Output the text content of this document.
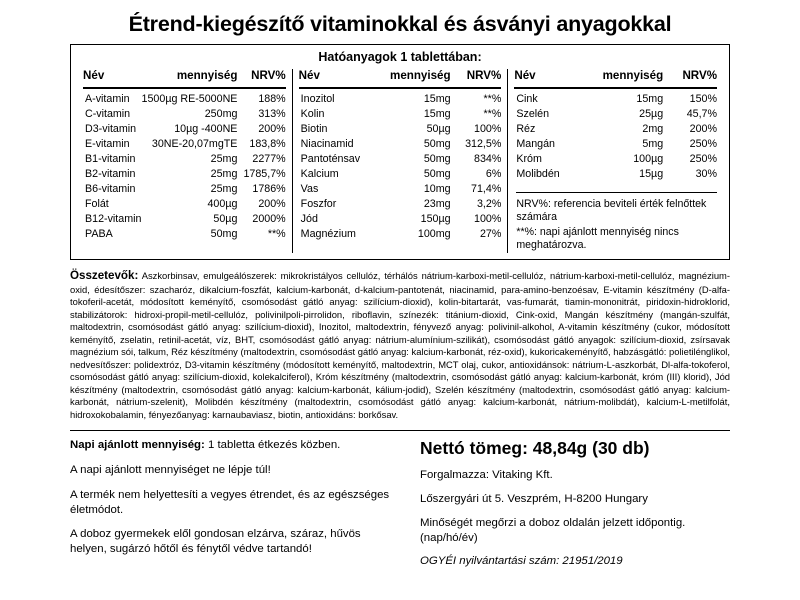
Étrend-kiegészítő vitaminokkal és ásványi anyagokkal
Hatóanyagok 1 tablettában:
Név	mennyiség	NRV%
A-vitamin	1500µg RE-5000NE	188%
C-vitamin	250mg	313%
D3-vitamin	10µg -400NE	200%
E-vitamin	30NE-20,07mgTE	183,8%
B1-vitamin	25mg	2277%
B2-vitamin	25mg	1785,7%
B6-vitamin	25mg	1786%
Folát	400µg	200%
B12-vitamin	50µg	2000%
PABA	50mg	**%
Név	mennyiség	NRV%
Inozitol	15mg	**%
Kolin	15mg	**%
Biotin	50µg	100%
Niacinamid	50mg	312,5%
Pantoténsav	50mg	834%
Kalcium	50mg	6%
Vas	10mg	71,4%
Foszfor	23mg	3,2%
Jód	150µg	100%
Magnézium	100mg	27%
Név	mennyiség	NRV%
Cink	15mg	150%
Szelén	25µg	45,7%
Réz	2mg	200%
Mangán	5mg	250%
Króm	100µg	250%
Molibdén	15µg	30%

NRV%: referencia beviteli érték felnőttek számára

**%: napi ajánlott mennyiség nincs meghatározva.

Összetevők: Aszkorbinsav, emulgeálószerek: mikrokristályos cellulóz, térhálós nátrium-karboxi-metil-cellulóz, nátrium-karboxi-metil-cellulóz, magnézium-oxid, édesítőszer: szacharóz, dikalcium-foszfát, kalcium-karbonát, d-kalcium-pantotenát, niacinamid, para-amino-benzoésav, E-vitamin készítmény (D-alfa-tokoferil-acetát, módosított keményítő, csomósodást gátló anyag: szilícium-dioxid), kolin-bitartarát, vas-fumarát, tiamin-mononitrát, piridoxin-hidroklorid, stabilizátorok: hidroxi-propil-metil-cellulóz, polivinilpoli-pirrolidon, riboflavin, színezék: titánium-dioxid, Cink-oxid, Mangán készítmény (mangán-szulfát, maltodextrin, csomósodást gátló anyag: szilícium-dioxid), Inozitol, maltodextrin, fényvező anyag: polivinil-alkohol, A-vitamin készítmény (cukor, módosított keményítő, zselatin, retinil-acetát, víz, BHT, csomósodást gátló anyag: nátrium-alumínium-szilikát), csomósodást gátló anyagok: szilícium-dioxid, zsírsavak magnézium sói, talkum, Réz készítmény (maltodextrin, csomósodást gátló anyag: kalcium-karbonát, réz-oxid), kukoricakeményítő, habzásgátló: polietilénglikol, nedvesítőszer: polidextróz, D3-vitamin készítmény (módosított keményítő, maltodextrin, MCT olaj, cukor, antioxidánsok: nátrium-L-aszkorbát, Dl-alfa-tokoferol, csomósodást gátló anyag: szilícium-dioxid, kolekalciferol), Króm készítmény (maltodextrin, csomósodást gátló anyag: kalcium-karbonát, króm (III) klorid), Jód készítmény (maltodextrin, csomósodást gátló anyag: kalcium-karbonát, kálium-jodid), Szelén készítmény (maltodextrin, csomósodást gátló anyag: kalcium-karbonát, nátrium-szelenit), Molibdén készítmény (maltodextrin, csomósodást gátló anyag: kalcium-karbonát, nátrium-molibdát), kalcium-L-metilfolát, hidroxokobalamin, fényezőanyag: karnaubaviasz, biotin, antioxidáns: borkősav.

Napi ajánlott mennyiség: 1 tabletta étkezés közben.

A napi ajánlott mennyiséget ne lépje túl!

A termék nem helyettesíti a vegyes étrendet, és az egészséges életmódot.

A doboz gyermekek elől gondosan elzárva, száraz, hűvös helyen, sugárzó hőtől és fénytől védve tartandó!

Nettó tömeg: 48,84g (30 db)

Forgalmazza: Vitaking Kft.

Lőszergyári út 5. Veszprém, H-8200 Hungary

Minőségét megőrzi a doboz oldalán jelzett időpontig. (nap/hó/év)

OGYÉI nyilvántartási szám: 21951/2019
